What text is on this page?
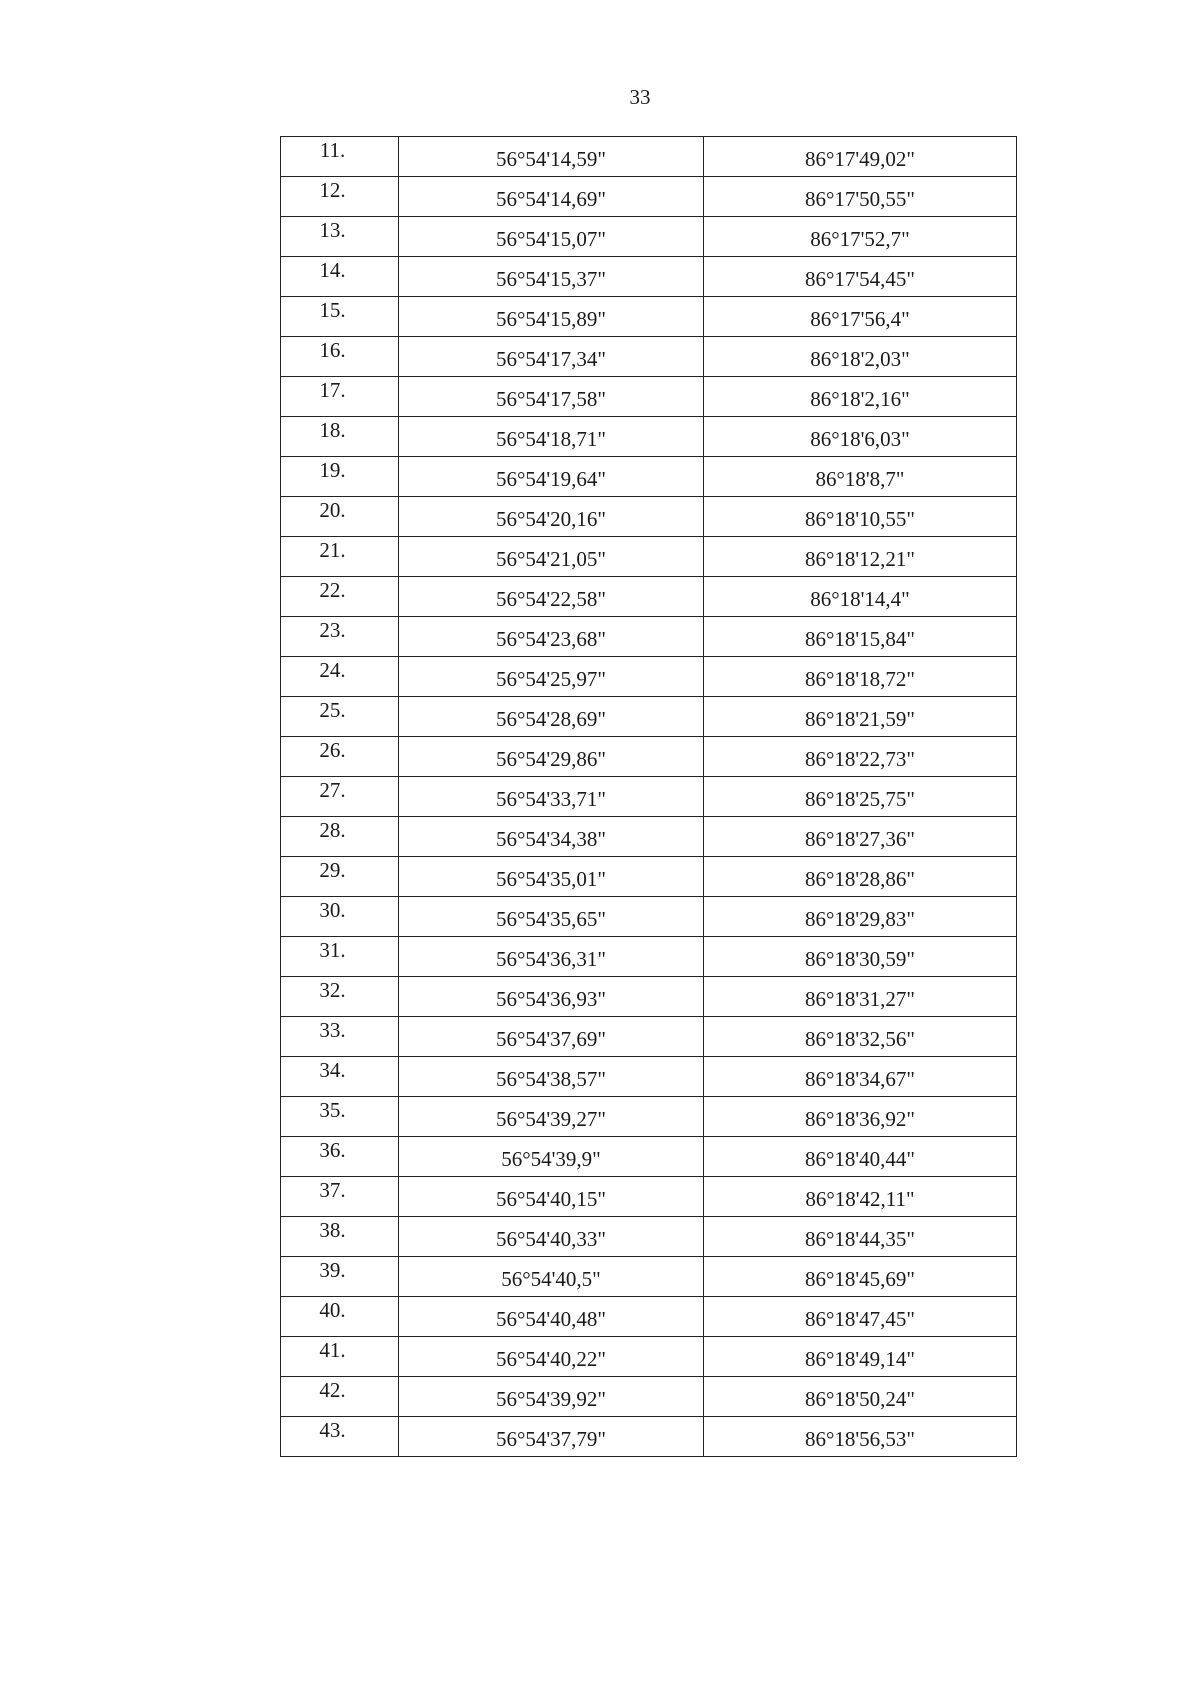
33
11.	56°54'14,59"	86°17'49,02"
12.	56°54'14,69"	86°17'50,55"
13.	56°54'15,07"	86°17'52,7"
14.	56°54'15,37"	86°17'54,45"
15.	56°54'15,89"	86°17'56,4"
16.	56°54'17,34"	86°18'2,03"
17.	56°54'17,58"	86°18'2,16"
18.	56°54'18,71"	86°18'6,03"
19.	56°54'19,64"	86°18'8,7"
20.	56°54'20,16"	86°18'10,55"
21.	56°54'21,05"	86°18'12,21"
22.	56°54'22,58"	86°18'14,4"
23.	56°54'23,68"	86°18'15,84"
24.	56°54'25,97"	86°18'18,72"
25.	56°54'28,69"	86°18'21,59"
26.	56°54'29,86"	86°18'22,73"
27.	56°54'33,71"	86°18'25,75"
28.	56°54'34,38"	86°18'27,36"
29.	56°54'35,01"	86°18'28,86"
30.	56°54'35,65"	86°18'29,83"
31.	56°54'36,31"	86°18'30,59"
32.	56°54'36,93"	86°18'31,27"
33.	56°54'37,69"	86°18'32,56"
34.	56°54'38,57"	86°18'34,67"
35.	56°54'39,27"	86°18'36,92"
36.	56°54'39,9"	86°18'40,44"
37.	56°54'40,15"	86°18'42,11"
38.	56°54'40,33"	86°18'44,35"
39.	56°54'40,5"	86°18'45,69"
40.	56°54'40,48"	86°18'47,45"
41.	56°54'40,22"	86°18'49,14"
42.	56°54'39,92"	86°18'50,24"
43.	56°54'37,79"	86°18'56,53"
